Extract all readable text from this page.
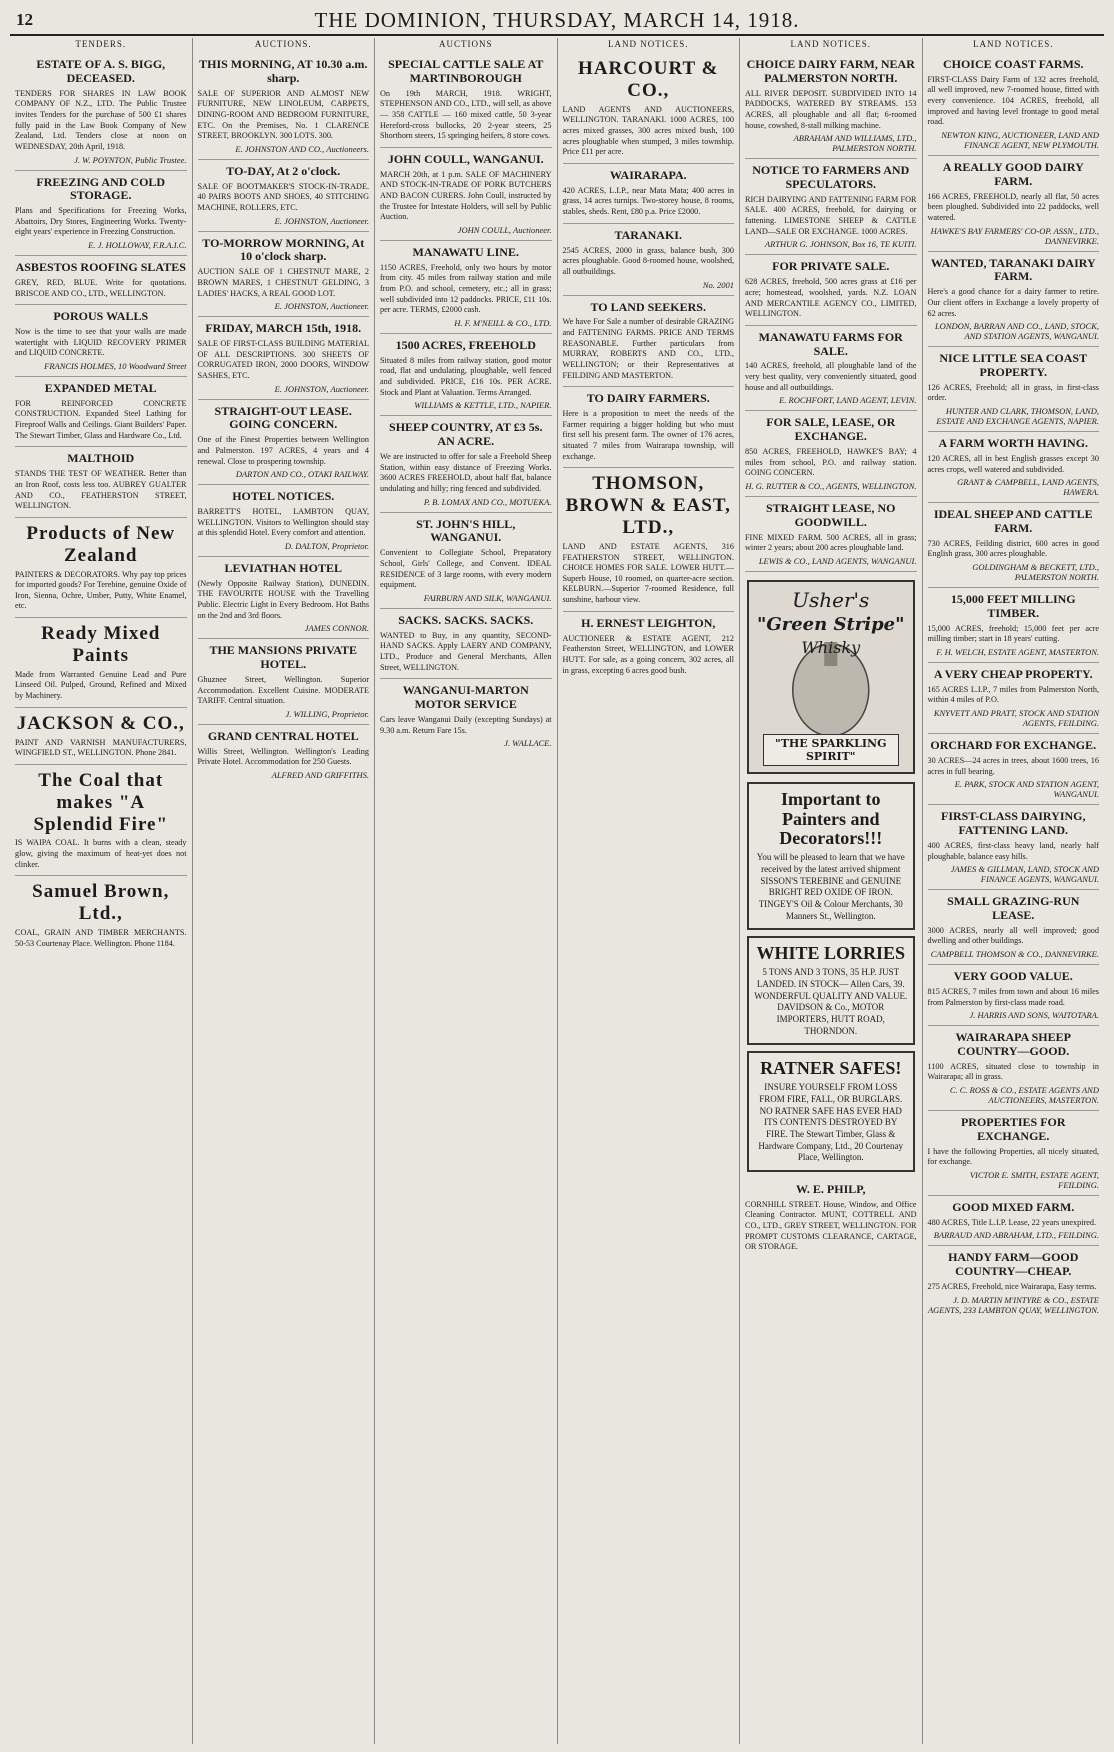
12	THE DOMINION, THURSDAY, MARCH 14, 1918.
TENDERS.
ESTATE OF A. S. BIGG, DECEASED.

TENDERS FOR SHARES IN LAW BOOK COMPANY OF N.Z., LTD. The Public Trustee invites Tenders for the purchase of 500 £1 shares fully paid in the Law Book Company of New Zealand, Ltd. Tenders close at noon on WEDNESDAY, 20th April, 1918.

J. W. POYNTON, Public Trustee.
FREEZING AND COLD STORAGE.

Plans and Specifications for Freezing Works, Abattoirs, Dry Stores, Engineering Works. Twenty-eight years' experience in Freezing Construction.

E. J. HOLLOWAY, F.R.A.I.C.
ASBESTOS ROOFING SLATES

GREY, RED, BLUE. Write for quotations. BRISCOE AND CO., LTD., WELLINGTON.

POROUS WALLS

Now is the time to see that your walls are made watertight with LIQUID RECOVERY PRIMER and LIQUID CONCRETE.

FRANCIS HOLMES, 10 Woodward Street
EXPANDED METAL

FOR REINFORCED CONCRETE CONSTRUCTION. Expanded Steel Lathing for Fireproof Walls and Ceilings. Giant Builders' Paper. The Stewart Timber, Glass and Hardware Co., Ltd.

MALTHOID

STANDS THE TEST OF WEATHER. Better than an Iron Roof, costs less too. AUBREY GUALTER AND CO., FEATHERSTON STREET, WELLINGTON.

Products of New Zealand

PAINTERS & DECORATORS. Why pay top prices for imported goods? For Terebine, genuine Oxide of Iron, Sienna, Ochre, Umber, Putty, White Enamel, etc.

Ready Mixed Paints

Made from Warranted Genuine Lead and Pure Linseed Oil. Pulped, Ground, Refined and Mixed by Machinery.

JACKSON & CO.,

PAINT AND VARNISH MANUFACTURERS, WINGFIELD ST., WELLINGTON. Phone 2841.

The Coal that makes "A Splendid Fire"

IS WAIPA COAL. It burns with a clean, steady glow, giving the maximum of heat-yet does not clinker.

Samuel Brown, Ltd.,

COAL, GRAIN AND TIMBER MERCHANTS. 50-53 Courtenay Place. Wellington. Phone 1184.

AUCTIONS.
THIS MORNING, AT 10.30 a.m. sharp.

SALE OF SUPERIOR AND ALMOST NEW FURNITURE, NEW LINOLEUM, CARPETS, DINING-ROOM AND BEDROOM FURNITURE, ETC. On the Premises, No. 1 CLARENCE STREET, BROOKLYN. 300 LOTS. 300.

E. JOHNSTON AND CO., Auctioneers.
TO-DAY, At 2 o'clock.

SALE OF BOOTMAKER'S STOCK-IN-TRADE. 40 PAIRS BOOTS AND SHOES, 40 STITCHING MACHINE, ROLLERS, ETC.

E. JOHNSTON, Auctioneer.
TO-MORROW MORNING, At 10 o'clock sharp.

AUCTION SALE OF 1 CHESTNUT MARE, 2 BROWN MARES, 1 CHESTNUT GELDING, 3 LADIES' HACKS, A REAL GOOD LOT.

E. JOHNSTON, Auctioneer.
FRIDAY, MARCH 15th, 1918.

SALE OF FIRST-CLASS BUILDING MATERIAL OF ALL DESCRIPTIONS. 300 SHEETS OF CORRUGATED IRON, 2000 DOORS, WINDOW SASHES, ETC.

E. JOHNSTON, Auctioneer.
STRAIGHT-OUT LEASE. GOING CONCERN.

One of the Finest Properties between Wellington and Palmerston. 197 ACRES, 4 years and 4 renewal. Close to prospering township.

DARTON AND CO., OTAKI RAILWAY.
HOTEL NOTICES.

BARRETT'S HOTEL, LAMBTON QUAY, WELLINGTON. Visitors to Wellington should stay at this splendid Hotel. Every comfort and attention.

D. DALTON, Proprietor.
LEVIATHAN HOTEL

(Newly Opposite Railway Station), DUNEDIN. THE FAVOURITE HOUSE with the Travelling Public. Electric Light in Every Bedroom. Hot Baths on the 2nd and 3rd floors.

JAMES CONNOR.
THE MANSIONS PRIVATE HOTEL.

Ghuznee Street, Wellington. Superior Accommodation. Excellent Cuisine. MODERATE TARIFF. Central situation.

J. WILLING, Proprietor.
GRAND CENTRAL HOTEL

Willis Street, Wellington. Wellington's Leading Private Hotel. Accommodation for 250 Guests.

ALFRED AND GRIFFITHS.
AUCTIONS
SPECIAL CATTLE SALE AT MARTINBOROUGH

On 19th MARCH, 1918. WRIGHT, STEPHENSON AND CO., LTD., will sell, as above— 358 CATTLE — 160 mixed cattle, 50 3-year Hereford-cross bullocks, 20 2-year steers, 25 Shorthorn steers, 15 springing heifers, 8 store cows.

JOHN COULL, WANGANUI.

MARCH 20th, at 1 p.m. SALE OF MACHINERY AND STOCK-IN-TRADE OF PORK BUTCHERS AND BACON CURERS. John Coull, instructed by the Trustee for Intestate Holders, will sell by Public Auction.

JOHN COULL, Auctioneer.
MANAWATU LINE.

1150 ACRES, Freehold, only two hours by motor from city. 45 miles from railway station and mile from P.O. and school, cemetery, etc.; all in grass; well subdivided into 12 paddocks. PRICE, £11 10s. per acre. TERMS, £2000 cash.

H. F. M'NEILL & CO., LTD.
1500 ACRES, FREEHOLD

Situated 8 miles from railway station, good motor road, flat and undulating, ploughable, well fenced and subdivided. PRICE, £16 10s. PER ACRE. Stock and Plant at Valuation. Terms Arranged.

WILLIAMS & KETTLE, LTD., NAPIER.
SHEEP COUNTRY, AT £3 5s. AN ACRE.

We are instructed to offer for sale a Freehold Sheep Station, within easy distance of Freezing Works. 3600 ACRES FREEHOLD, about half flat, balance undulating and hilly; ring fenced and subdivided.

P. B. LOMAX AND CO., MOTUEKA.
ST. JOHN'S HILL, WANGANUI.

Convenient to Collegiate School, Preparatory School, Girls' College, and Convent. IDEAL RESIDENCE of 3 large rooms, with every modern equipment.

FAIRBURN AND SILK, WANGANUI.
SACKS. SACKS. SACKS.

WANTED to Buy, in any quantity, SECOND-HAND SACKS. Apply LAERY AND COMPANY, LTD., Produce and General Merchants, Allen Street, WELLINGTON.

WANGANUI-MARTON MOTOR SERVICE

Cars leave Wanganui Daily (excepting Sundays) at 9.30 a.m. Return Fare 15s.

J. WALLACE.
LAND NOTICES.
HARCOURT & CO.,

LAND AGENTS AND AUCTIONEERS, WELLINGTON. TARANAKI. 1000 ACRES, 100 acres mixed grasses, 300 acres mixed bush, 100 acres ploughable when stumped, 3 miles township. Price £11 per acre.

WAIRARAPA.

420 ACRES, L.I.P., near Mata Mata; 400 acres in grass, 14 acres turnips. Two-storey house, 8 rooms, stables, sheds. Rent, £80 p.a. Price £2000.

TARANAKI.

2545 ACRES, 2000 in grass, balance bush, 300 acres ploughable. Good 8-roomed house, woolshed, all outbuildings.

No. 2001
TO LAND SEEKERS.

We have For Sale a number of desirable GRAZING and FATTENING FARMS. PRICE AND TERMS REASONABLE. Further particulars from MURRAY, ROBERTS AND CO., LTD., WELLINGTON; or their Representatives at FEILDING AND MASTERTON.

TO DAIRY FARMERS.

Here is a proposition to meet the needs of the Farmer requiring a bigger holding but who must first sell his present farm. The owner of 176 acres, situated 7 miles from Wairarapa township, will exchange.

THOMSON, BROWN & EAST, LTD.,

LAND AND ESTATE AGENTS, 316 FEATHERSTON STREET, WELLINGTON. CHOICE HOMES FOR SALE. LOWER HUTT.—Superb House, 10 roomed, on quarter-acre section. KELBURN.—Superior 7-roomed Residence, full sunshine, harbour view.

H. ERNEST LEIGHTON,

AUCTIONEER & ESTATE AGENT, 212 Featherston Street, WELLINGTON, and LOWER HUTT. For sale, as a going concern, 302 acres, all in grass, excepting 6 acres good bush.

LAND NOTICES.
CHOICE DAIRY FARM, NEAR PALMERSTON NORTH.

ALL RIVER DEPOSIT. SUBDIVIDED INTO 14 PADDOCKS, WATERED BY STREAMS. 153 ACRES, all ploughable and all flat; 6-roomed house, cowshed, 8-stall milking machine.

ABRAHAM AND WILLIAMS, LTD., PALMERSTON NORTH.
NOTICE TO FARMERS AND SPECULATORS.

RICH DAIRYING AND FATTENING FARM FOR SALE. 400 ACRES, freehold, for dairying or fattening. LIMESTONE SHEEP & CATTLE LAND—SALE OR EXCHANGE. 1000 ACRES.

ARTHUR G. JOHNSON, Box 16, TE KUITI.
FOR PRIVATE SALE.

628 ACRES, freehold, 500 acres grass at £16 per acre; homestead, woolshed, yards. N.Z. LOAN AND MERCANTILE AGENCY CO., LIMITED, WELLINGTON.

MANAWATU FARMS FOR SALE.

140 ACRES, freehold, all ploughable land of the very best quality, very conveniently situated, good house and all outbuildings.

E. ROCHFORT, LAND AGENT, LEVIN.
FOR SALE, LEASE, OR EXCHANGE.

850 ACRES, FREEHOLD, HAWKE'S BAY; 4 miles from school, P.O. and railway station. GOING CONCERN.

H. G. RUTTER & CO., AGENTS, WELLINGTON.
STRAIGHT LEASE, NO GOODWILL.

FINE MIXED FARM. 500 ACRES, all in grass; winter 2 years; about 200 acres ploughable land.

LEWIS & CO., LAND AGENTS, WANGANUI.
Usher's
"Green Stripe"
Whisky
"THE SPARKLING SPIRIT"
Important to Painters and Decorators!!!
You will be pleased to learn that we have received by the latest arrived shipment SISSON'S TEREBINE and GENUINE BRIGHT RED OXIDE OF IRON. TINGEY'S Oil & Colour Merchants, 30 Manners St., Wellington.
WHITE LORRIES
5 TONS AND 3 TONS, 35 H.P. JUST LANDED. IN STOCK— Allen Cars, 39. WONDERFUL QUALITY AND VALUE. DAVIDSON & Co., MOTOR IMPORTERS, HUTT ROAD, THORNDON.
RATNER SAFES!
INSURE YOURSELF FROM LOSS FROM FIRE, FALL, OR BURGLARS. NO RATNER SAFE HAS EVER HAD ITS CONTENTS DESTROYED BY FIRE. The Stewart Timber, Glass & Hardware Company, Ltd., 20 Courtenay Place, Wellington.
W. E. PHILP,

CORNHILL STREET. House, Window, and Office Cleaning Contractor. MUNT, COTTRELL AND CO., LTD., GREY STREET, WELLINGTON. FOR PROMPT CUSTOMS CLEARANCE, CARTAGE, OR STORAGE.

LAND NOTICES.
CHOICE COAST FARMS.

FIRST-CLASS Dairy Farm of 132 acres freehold, all well improved, new 7-roomed house, fitted with every convenience. 104 ACRES, freehold, all improved and having level frontage to good metal road.

NEWTON KING, AUCTIONEER, LAND AND FINANCE AGENT, NEW PLYMOUTH.
A REALLY GOOD DAIRY FARM.

166 ACRES, FREEHOLD, nearly all flat, 50 acres been ploughed. Subdivided into 22 paddocks, well watered.

HAWKE'S BAY FARMERS' CO-OP. ASSN., LTD., DANNEVIRKE.
WANTED, TARANAKI DAIRY FARM.

Here's a good chance for a dairy farmer to retire. Our client offers in Exchange a lovely property of 62 acres.

LONDON, BARRAN AND CO., LAND, STOCK, AND STATION AGENTS, WANGANUI.
NICE LITTLE SEA COAST PROPERTY.

126 ACRES, Freehold; all in grass, in first-class order.

HUNTER AND CLARK, THOMSON, LAND, ESTATE AND EXCHANGE AGENTS, NAPIER.
A FARM WORTH HAVING.

120 ACRES, all in best English grasses except 30 acres crops, well watered and subdivided.

GRANT & CAMPBELL, LAND AGENTS, HAWERA.
IDEAL SHEEP AND CATTLE FARM.

730 ACRES, Feilding district, 600 acres in good English grass, 300 acres ploughable.

GOLDINGHAM & BECKETT, LTD., PALMERSTON NORTH.
15,000 FEET MILLING TIMBER.

15,000 ACRES, freehold; 15,000 feet per acre milling timber; start in 18 years' cutting.

F. H. WELCH, ESTATE AGENT, MASTERTON.
A VERY CHEAP PROPERTY.

165 ACRES L.I.P., 7 miles from Palmerston North, within 4 miles of P.O.

KNYVETT AND PRATT, STOCK AND STATION AGENTS, FEILDING.
ORCHARD FOR EXCHANGE.

30 ACRES—24 acres in trees, about 1600 trees, 16 acres in full bearing.

E. PARK, STOCK AND STATION AGENT, WANGANUI.
FIRST-CLASS DAIRYING, FATTENING LAND.

400 ACRES, first-class heavy land, nearly half ploughable, balance easy hills.

JAMES & GILLMAN, LAND, STOCK AND FINANCE AGENTS, WANGANUI.
SMALL GRAZING-RUN LEASE.

3000 ACRES, nearly all well improved; good dwelling and other buildings.

CAMPBELL THOMSON & CO., DANNEVIRKE.
VERY GOOD VALUE.

815 ACRES, 7 miles from town and about 16 miles from Palmerston by first-class made road.

J. HARRIS AND SONS, WAITOTARA.
WAIRARAPA SHEEP COUNTRY—GOOD.

1100 ACRES, situated close to township in Wairarapa; all in grass.

C. C. ROSS & CO., ESTATE AGENTS AND AUCTIONEERS, MASTERTON.
PROPERTIES FOR EXCHANGE.

I have the following Properties, all nicely situated, for exchange.

VICTOR E. SMITH, ESTATE AGENT, FEILDING.
GOOD MIXED FARM.

480 ACRES, Title L.I.P. Lease, 22 years unexpired.

BARRAUD AND ABRAHAM, LTD., FEILDING.
HANDY FARM—GOOD COUNTRY—CHEAP.

275 ACRES, Freehold, nice Wairarapa, Easy terms.

J. D. MARTIN M'INTYRE & CO., ESTATE AGENTS, 233 LAMBTON QUAY, WELLINGTON.
